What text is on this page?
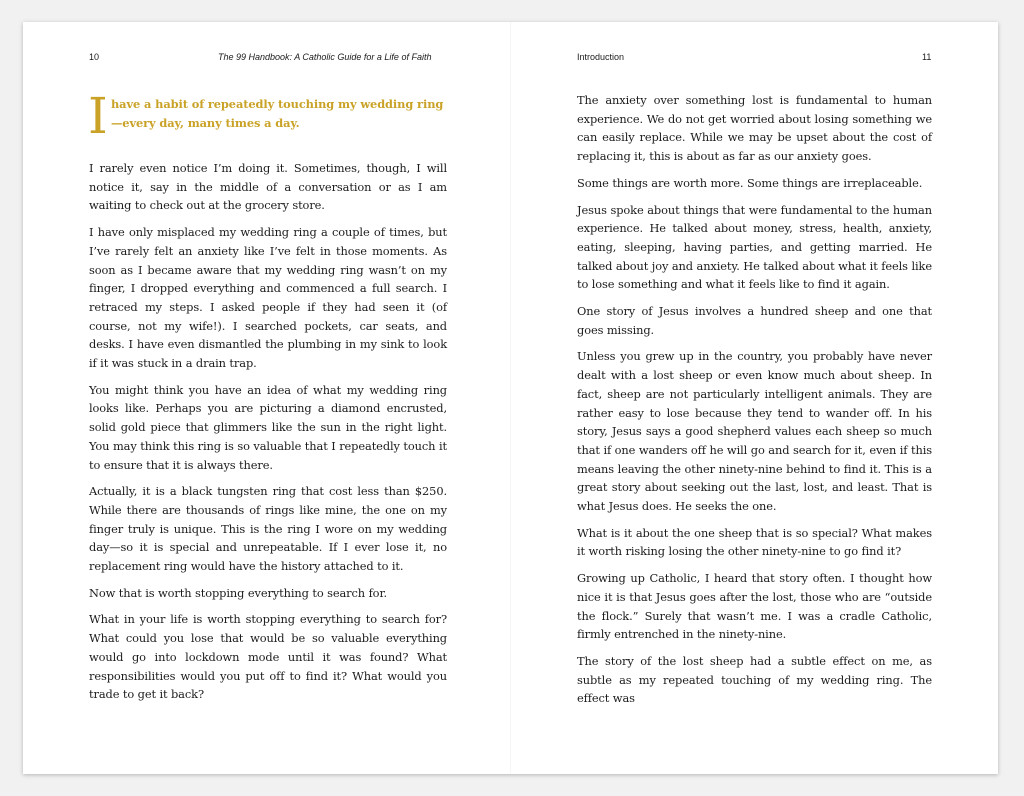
10	The 99 Handbook: A Catholic Guide for a Life of Faith
I have a habit of repeatedly touching my wedding ring—every day, many times a day.

I rarely even notice I’m doing it. Sometimes, though, I will notice it, say in the middle of a conversation or as I am waiting to check out at the grocery store.

I have only misplaced my wedding ring a couple of times, but I’ve rarely felt an anxiety like I’ve felt in those moments. As soon as I became aware that my wedding ring wasn’t on my finger, I dropped everything and commenced a full search. I retraced my steps. I asked people if they had seen it (of course, not my wife!). I searched pockets, car seats, and desks. I have even dismantled the plumbing in my sink to look if it was stuck in a drain trap.

You might think you have an idea of what my wedding ring looks like. Perhaps you are picturing a diamond encrusted, solid gold piece that glimmers like the sun in the right light. You may think this ring is so valuable that I repeatedly touch it to ensure that it is always there.

Actually, it is a black tungsten ring that cost less than $250. While there are thousands of rings like mine, the one on my finger truly is unique. This is the ring I wore on my wedding day—so it is special and unrepeatable. If I ever lose it, no replacement ring would have the history attached to it.

Now that is worth stopping everything to search for.

What in your life is worth stopping everything to search for? What could you lose that would be so valuable everything would go into lockdown mode until it was found? What responsibilities would you put off to find it? What would you trade to get it back?

Introduction	11

The anxiety over something lost is fundamental to human experience. We do not get worried about losing something we can easily replace. While we may be upset about the cost of replacing it, this is about as far as our anxiety goes.

Some things are worth more. Some things are irreplaceable.

Jesus spoke about things that were fundamental to the human experience. He talked about money, stress, health, anxiety, eating, sleeping, having parties, and getting married. He talked about joy and anxiety. He talked about what it feels like to lose something and what it feels like to find it again.

One story of Jesus involves a hundred sheep and one that goes missing.

Unless you grew up in the country, you probably have never dealt with a lost sheep or even know much about sheep. In fact, sheep are not particularly intelligent animals. They are rather easy to lose because they tend to wander off. In his story, Jesus says a good shepherd values each sheep so much that if one wanders off he will go and search for it, even if this means leaving the other ninety-nine behind to find it. This is a great story about seeking out the last, lost, and least. That is what Jesus does. He seeks the one.

What is it about the one sheep that is so special? What makes it worth risking losing the other ninety-nine to go find it?

Growing up Catholic, I heard that story often. I thought how nice it is that Jesus goes after the lost, those who are “outside the flock.” Surely that wasn’t me. I was a cradle Catholic, firmly entrenched in the ninety-nine.

The story of the lost sheep had a subtle effect on me, as subtle as my repeated touching of my wedding ring. The effect was
